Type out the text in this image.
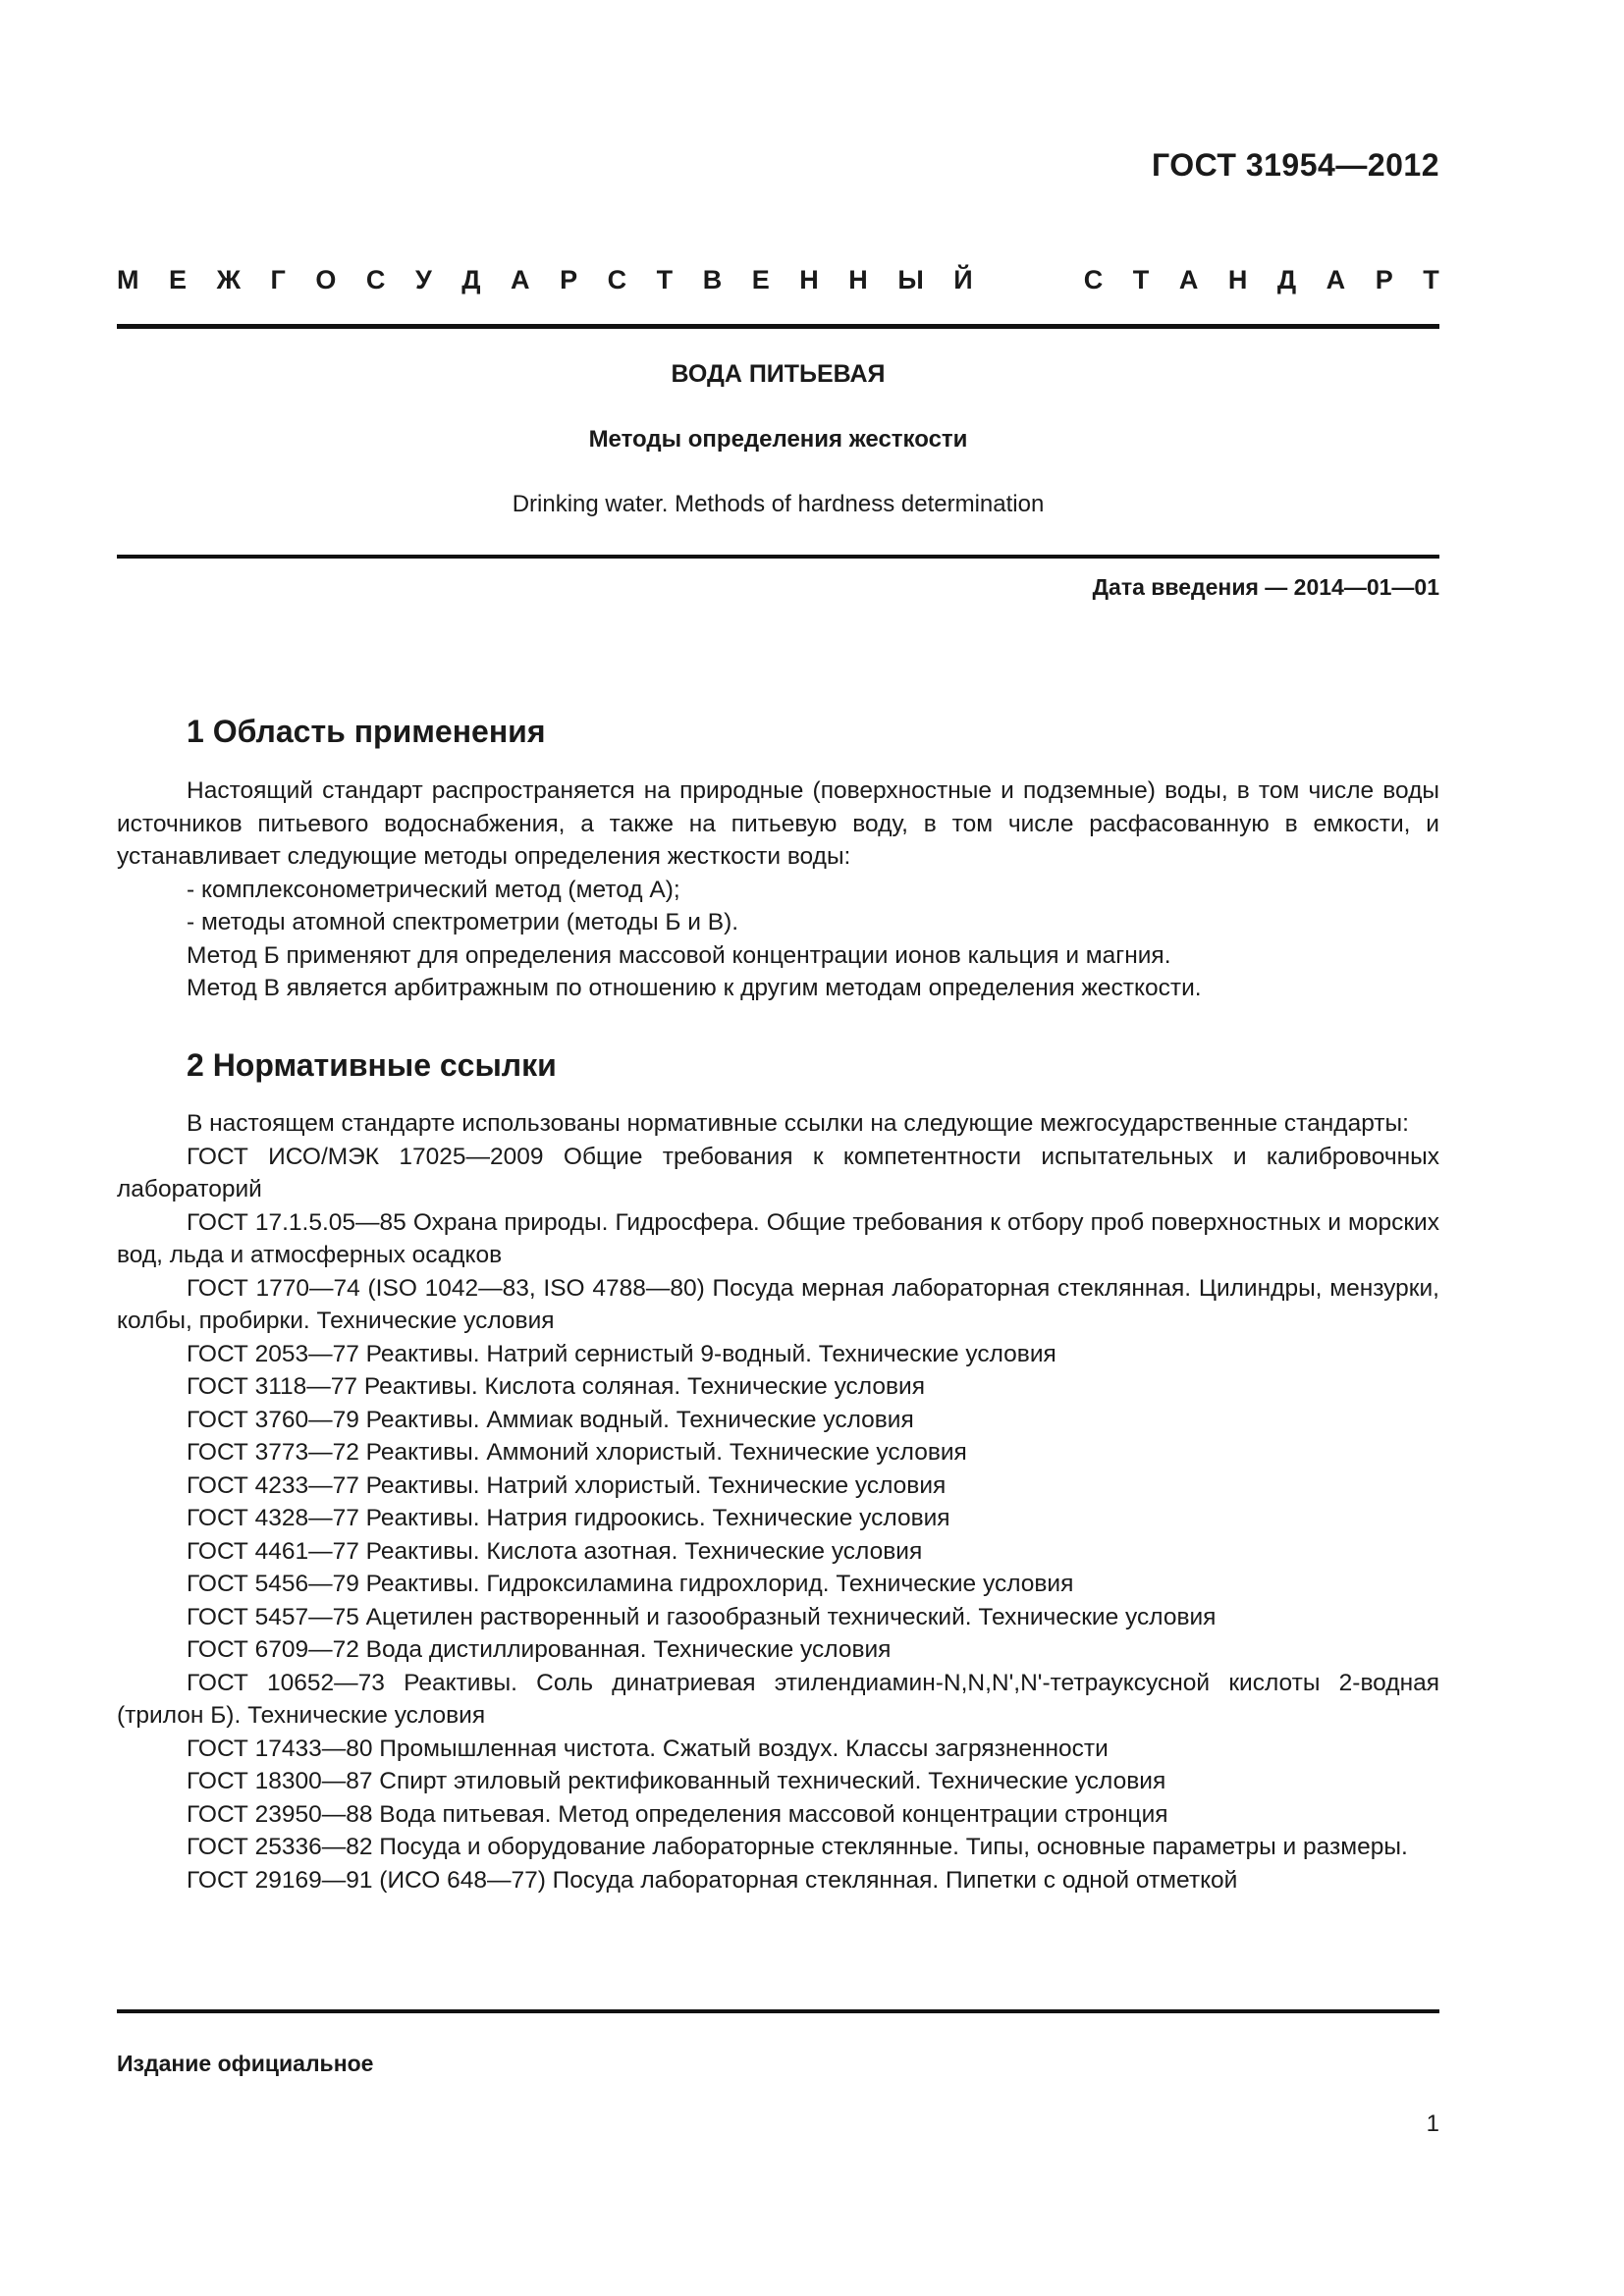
ГОСТ 31954—2012
М Е Ж Г О С У Д А Р С Т В Е Н Н Ы Й	С Т А Н Д А Р Т
ВОДА ПИТЬЕВАЯ
Методы определения жесткости
Drinking water. Methods of hardness determination
Дата введения — 2014—01—01
1 Область применения

Настоящий стандарт распространяется на природные (поверхностные и подземные) воды, в том числе воды источников питьевого водоснабжения, а также на питьевую воду, в том числе расфасованную в емкости, и устанавливает следующие методы определения жесткости воды:

- комплексонометрический метод (метод А);

- методы атомной спектрометрии (методы Б и В).

Метод Б применяют для определения массовой концентрации ионов кальция и магния.

Метод В является арбитражным по отношению к другим методам определения жесткости.

2 Нормативные ссылки

В настоящем стандарте использованы нормативные ссылки на следующие межгосударственные стандарты:

ГОСТ ИСО/МЭК 17025—2009 Общие требования к компетентности испытательных и калибровочных лабораторий

ГОСТ 17.1.5.05—85 Охрана природы. Гидросфера. Общие требования к отбору проб поверхностных и морских вод, льда и атмосферных осадков

ГОСТ 1770—74 (ISO 1042—83, ISO 4788—80) Посуда мерная лабораторная стеклянная. Цилиндры, мензурки, колбы, пробирки. Технические условия

ГОСТ 2053—77 Реактивы. Натрий сернистый 9-водный. Технические условия

ГОСТ 3118—77 Реактивы. Кислота соляная. Технические условия

ГОСТ 3760—79 Реактивы. Аммиак водный. Технические условия

ГОСТ 3773—72 Реактивы. Аммоний хлористый. Технические условия

ГОСТ 4233—77 Реактивы. Натрий хлористый. Технические условия

ГОСТ 4328—77 Реактивы. Натрия гидроокись. Технические условия

ГОСТ 4461—77 Реактивы. Кислота азотная. Технические условия

ГОСТ 5456—79 Реактивы. Гидроксиламина гидрохлорид. Технические условия

ГОСТ 5457—75 Ацетилен растворенный и газообразный технический. Технические условия

ГОСТ 6709—72 Вода дистиллированная. Технические условия

ГОСТ 10652—73 Реактивы. Соль динатриевая этилендиамин-N,N,N',N'-тетрауксусной кислоты 2-водная (трилон Б). Технические условия

ГОСТ 17433—80 Промышленная чистота. Сжатый воздух. Классы загрязненности

ГОСТ 18300—87 Спирт этиловый ректификованный технический. Технические условия

ГОСТ 23950—88 Вода питьевая. Метод определения массовой концентрации стронция

ГОСТ 25336—82 Посуда и оборудование лабораторные стеклянные. Типы, основные параметры и размеры.

ГОСТ 29169—91 (ИСО 648—77) Посуда лабораторная стеклянная. Пипетки с одной отметкой

Издание официальное
1
